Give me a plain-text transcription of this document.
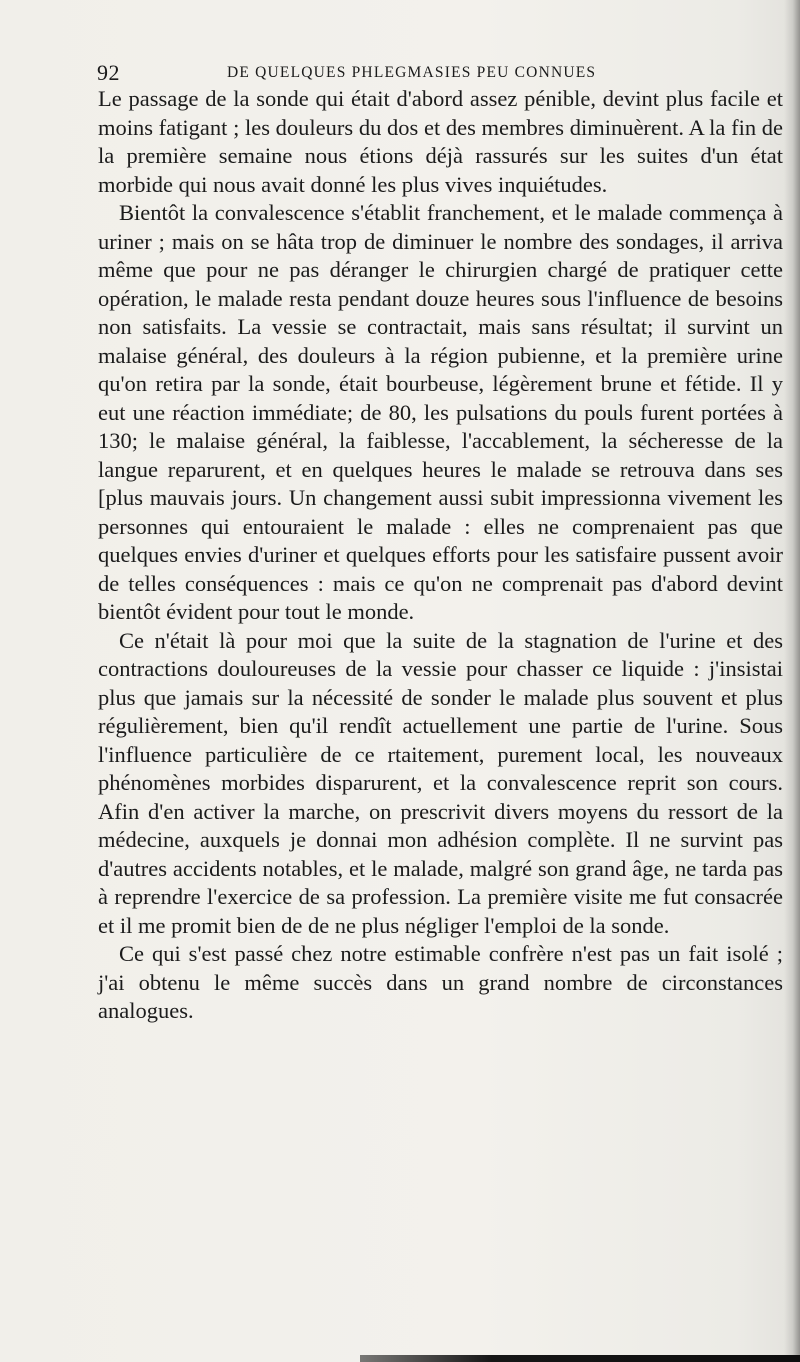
92	DE QUELQUES PHLEGMASIES PEU CONNUES

Le passage de la sonde qui était d'abord assez pénible, devint plus facile et moins fatigant ; les douleurs du dos et des membres diminuèrent. A la fin de la première semaine nous étions déjà rassurés sur les suites d'un état morbide qui nous avait donné les plus vives inquiétudes.

Bientôt la convalescence s'établit franchement, et le malade commença à uriner ; mais on se hâta trop de diminuer le nombre des sondages, il arriva même que pour ne pas déranger le chirurgien chargé de pratiquer cette opération, le malade resta pendant douze heures sous l'influence de besoins non satisfaits. La vessie se contractait, mais sans résultat; il survint un malaise général, des douleurs à la région pubienne, et la première urine qu'on retira par la sonde, était bourbeuse, légèrement brune et fétide. Il y eut une réaction immédiate; de 80, les pulsations du pouls furent portées à 130; le malaise général, la faiblesse, l'accablement, la sécheresse de la langue reparurent, et en quelques heures le malade se retrouva dans ses [plus mauvais jours. Un changement aussi subit impressionna vivement les personnes qui entouraient le malade : elles ne comprenaient pas que quelques envies d'uriner et quelques efforts pour les satisfaire pussent avoir de telles conséquences : mais ce qu'on ne comprenait pas d'abord devint bientôt évident pour tout le monde.

Ce n'était là pour moi que la suite de la stagnation de l'urine et des contractions douloureuses de la vessie pour chasser ce liquide : j'insistai plus que jamais sur la nécessité de sonder le malade plus souvent et plus régulièrement, bien qu'il rendît actuellement une partie de l'urine. Sous l'influence particulière de ce rtaitement, purement local, les nouveaux phénomènes morbides disparurent, et la convalescence reprit son cours. Afin d'en activer la marche, on prescrivit divers moyens du ressort de la médecine, auxquels je donnai mon adhésion complète. Il ne survint pas d'autres accidents notables, et le malade, malgré son grand âge, ne tarda pas à reprendre l'exercice de sa profession. La première visite me fut consacrée et il me promit bien de de ne plus négliger l'emploi de la sonde.

Ce qui s'est passé chez notre estimable confrère n'est pas un fait isolé ; j'ai obtenu le même succès dans un grand nombre de circonstances analogues.
